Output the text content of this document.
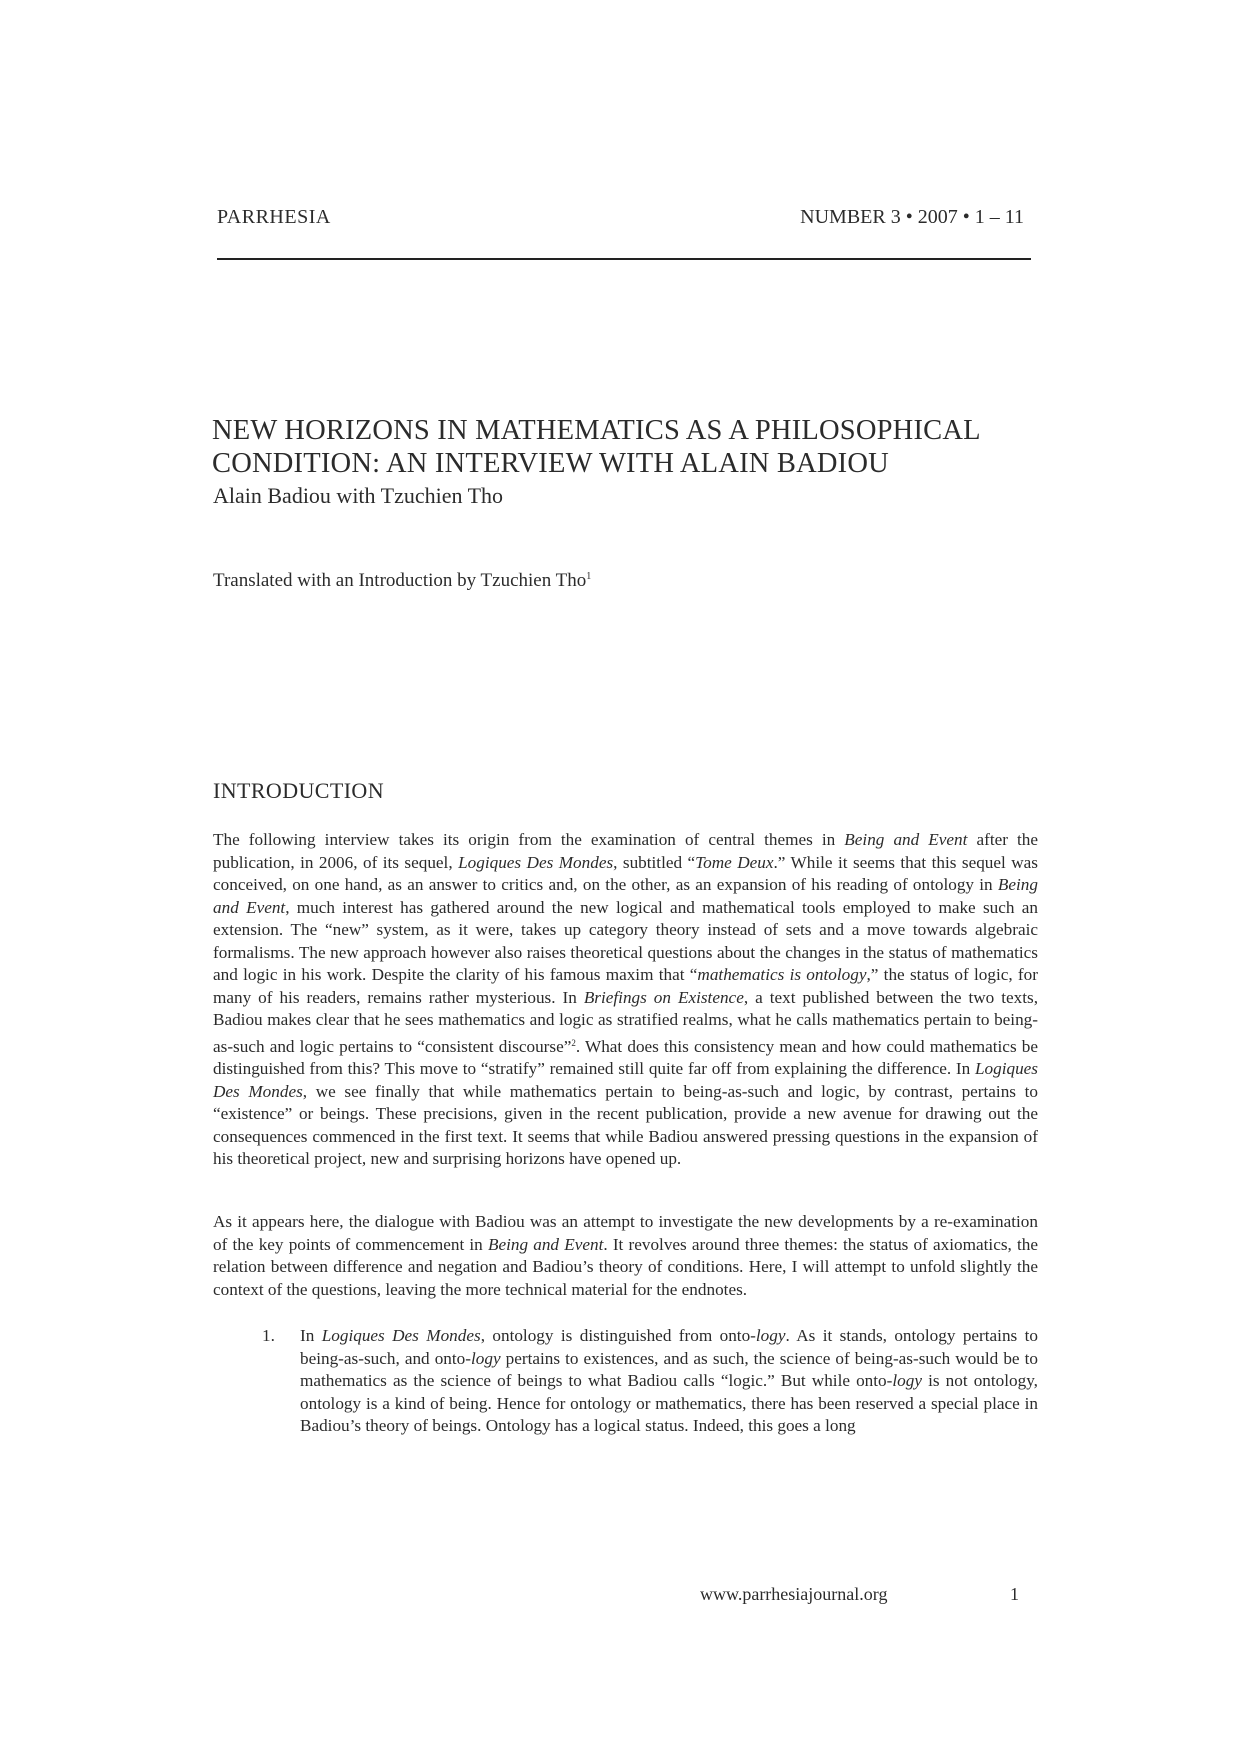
PARRHESIA	NUMBER 3 • 2007 • 1 – 11
NEW HORIZONS IN MATHEMATICS AS A PHILOSOPHICAL
CONDITION: AN INTERVIEW WITH ALAIN BADIOU
Alain Badiou with Tzuchien Tho
Translated with an Introduction by Tzuchien Tho$^1$
INTRODUCTION
The following interview takes its origin from the examination of central themes in Being and Event after the publication, in 2006, of its sequel, Logiques Des Mondes, subtitled “Tome Deux.” While it seems that this sequel was conceived, on one hand, as an answer to critics and, on the other, as an expansion of his reading of ontology in Being and Event, much interest has gathered around the new logical and mathematical tools employed to make such an extension. The “new” system, as it were, takes up category theory instead of sets and a move towards algebraic formalisms. The new approach however also raises theoretical questions about the changes in the status of mathematics and logic in his work. Despite the clarity of his famous maxim that “mathematics is ontology,” the status of logic, for many of his readers, remains rather mysterious. In Briefings on Existence, a text published between the two texts, Badiou makes clear that he sees mathematics and logic as stratified realms, what he calls mathematics pertain to being-as-such and logic pertains to “consistent discourse”$^2$. What does this consistency mean and how could mathematics be distinguished from this? This move to “stratify” remained still quite far off from explaining the difference. In Logiques Des Mondes, we see finally that while mathematics pertain to being-as-such and logic, by contrast, pertains to “existence” or beings. These precisions, given in the recent publication, provide a new avenue for drawing out the consequences commenced in the first text. It seems that while Badiou answered pressing questions in the expansion of his theoretical project, new and surprising horizons have opened up.
As it appears here, the dialogue with Badiou was an attempt to investigate the new developments by a re-examination of the key points of commencement in Being and Event. It revolves around three themes: the status of axiomatics, the relation between difference and negation and Badiou’s theory of conditions. Here, I will attempt to unfold slightly the context of the questions, leaving the more technical material for the endnotes.
1. In Logiques Des Mondes, ontology is distinguished from onto-logy. As it stands, ontology pertains to being-as-such, and onto-logy pertains to existences, and as such, the science of being-as-such would be to mathematics as the science of beings to what Badiou calls “logic.” But while onto-logy is not ontology, ontology is a kind of being. Hence for ontology or mathematics, there has been reserved a special place in Badiou’s theory of beings. Ontology has a logical status. Indeed, this goes a long
www.parrhesiajournal.org	1
